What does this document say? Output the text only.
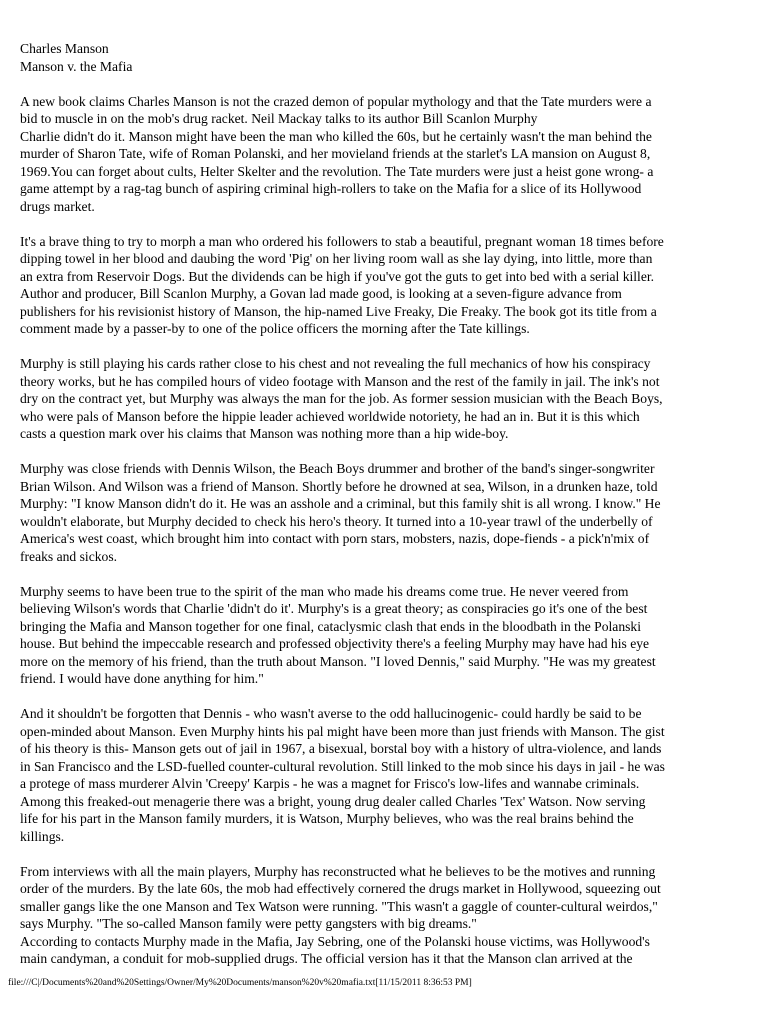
Charles Manson
Manson v. the Mafia

A new book claims Charles Manson is not the crazed demon of popular mythology and that the Tate murders were a
bid to muscle in on the mob's drug racket. Neil Mackay talks to its author Bill Scanlon Murphy
Charlie didn't do it. Manson might have been the man who killed the 60s, but he certainly wasn't the man behind the
murder of Sharon Tate, wife of Roman Polanski, and her movieland friends at the starlet's LA mansion on August 8,
1969.You can forget about cults, Helter Skelter and the revolution. The Tate murders were just a heist gone wrong- a
game attempt by a rag-tag bunch of aspiring criminal high-rollers to take on the Mafia for a slice of its Hollywood
drugs market.

It's a brave thing to try to morph a man who ordered his followers to stab a beautiful, pregnant woman 18 times before
dipping towel in her blood and daubing the word 'Pig' on her living room wall as she lay dying, into little, more than
an extra from Reservoir Dogs. But the dividends can be high if you've got the guts to get into bed with a serial killer.
Author and producer, Bill Scanlon Murphy, a Govan lad made good, is looking at a seven-figure advance from
publishers for his revisionist history of Manson, the hip-named Live Freaky, Die Freaky. The book got its title from a
comment made by a passer-by to one of the police officers the morning after the Tate killings.

Murphy is still playing his cards rather close to his chest and not revealing the full mechanics of how his conspiracy
theory works, but he has compiled hours of video footage with Manson and the rest of the family in jail. The ink's not
dry on the contract yet, but Murphy was always the man for the job. As former session musician with the Beach Boys,
who were pals of Manson before the hippie leader achieved worldwide notoriety, he had an in. But it is this which
casts a question mark over his claims that Manson was nothing more than a hip wide-boy.

Murphy was close friends with Dennis Wilson, the Beach Boys drummer and brother of the band's singer-songwriter
Brian Wilson. And Wilson was a friend of Manson. Shortly before he drowned at sea, Wilson, in a drunken haze, told
Murphy: "I know Manson didn't do it. He was an asshole and a criminal, but this family shit is all wrong. I know." He
wouldn't elaborate, but Murphy decided to check his hero's theory. It turned into a 10-year trawl of the underbelly of
America's west coast, which brought him into contact with porn stars, mobsters, nazis, dope-fiends - a pick'n'mix of
freaks and sickos.

Murphy seems to have been true to the spirit of the man who made his dreams come true. He never veered from
believing Wilson's words that Charlie 'didn't do it'. Murphy's is a great theory; as conspiracies go it's one of the best
bringing the Mafia and Manson together for one final, cataclysmic clash that ends in the bloodbath in the Polanski
house. But behind the impeccable research and professed objectivity there's a feeling Murphy may have had his eye
more on the memory of his friend, than the truth about Manson. "I loved Dennis," said Murphy. "He was my greatest
friend. I would have done anything for him."

And it shouldn't be forgotten that Dennis - who wasn't averse to the odd hallucinogenic- could hardly be said to be
open-minded about Manson. Even Murphy hints his pal might have been more than just friends with Manson. The gist
of his theory is this- Manson gets out of jail in 1967, a bisexual, borstal boy with a history of ultra-violence, and lands
in San Francisco and the LSD-fuelled counter-cultural revolution. Still linked to the mob since his days in jail - he was
a protege of mass murderer Alvin 'Creepy' Karpis - he was a magnet for Frisco's low-lifes and wannabe criminals.
Among this freaked-out menagerie there was a bright, young drug dealer called Charles 'Tex' Watson. Now serving
life for his part in the Manson family murders, it is Watson, Murphy believes, who was the real brains behind the
killings.

From interviews with all the main players, Murphy has reconstructed what he believes to be the motives and running
order of the murders. By the late 60s, the mob had effectively cornered the drugs market in Hollywood, squeezing out
smaller gangs like the one Manson and Tex Watson were running. "This wasn't a gaggle of counter-cultural weirdos,"
says Murphy. "The so-called Manson family were petty gangsters with big dreams."
According to contacts Murphy made in the Mafia, Jay Sebring, one of the Polanski house victims, was Hollywood's
main candyman, a conduit for mob-supplied drugs. The official version has it that the Manson clan arrived at the

file:///C|/Documents%20and%20Settings/Owner/My%20Documents/manson%20v%20mafia.txt[11/15/2011 8:36:53 PM]
